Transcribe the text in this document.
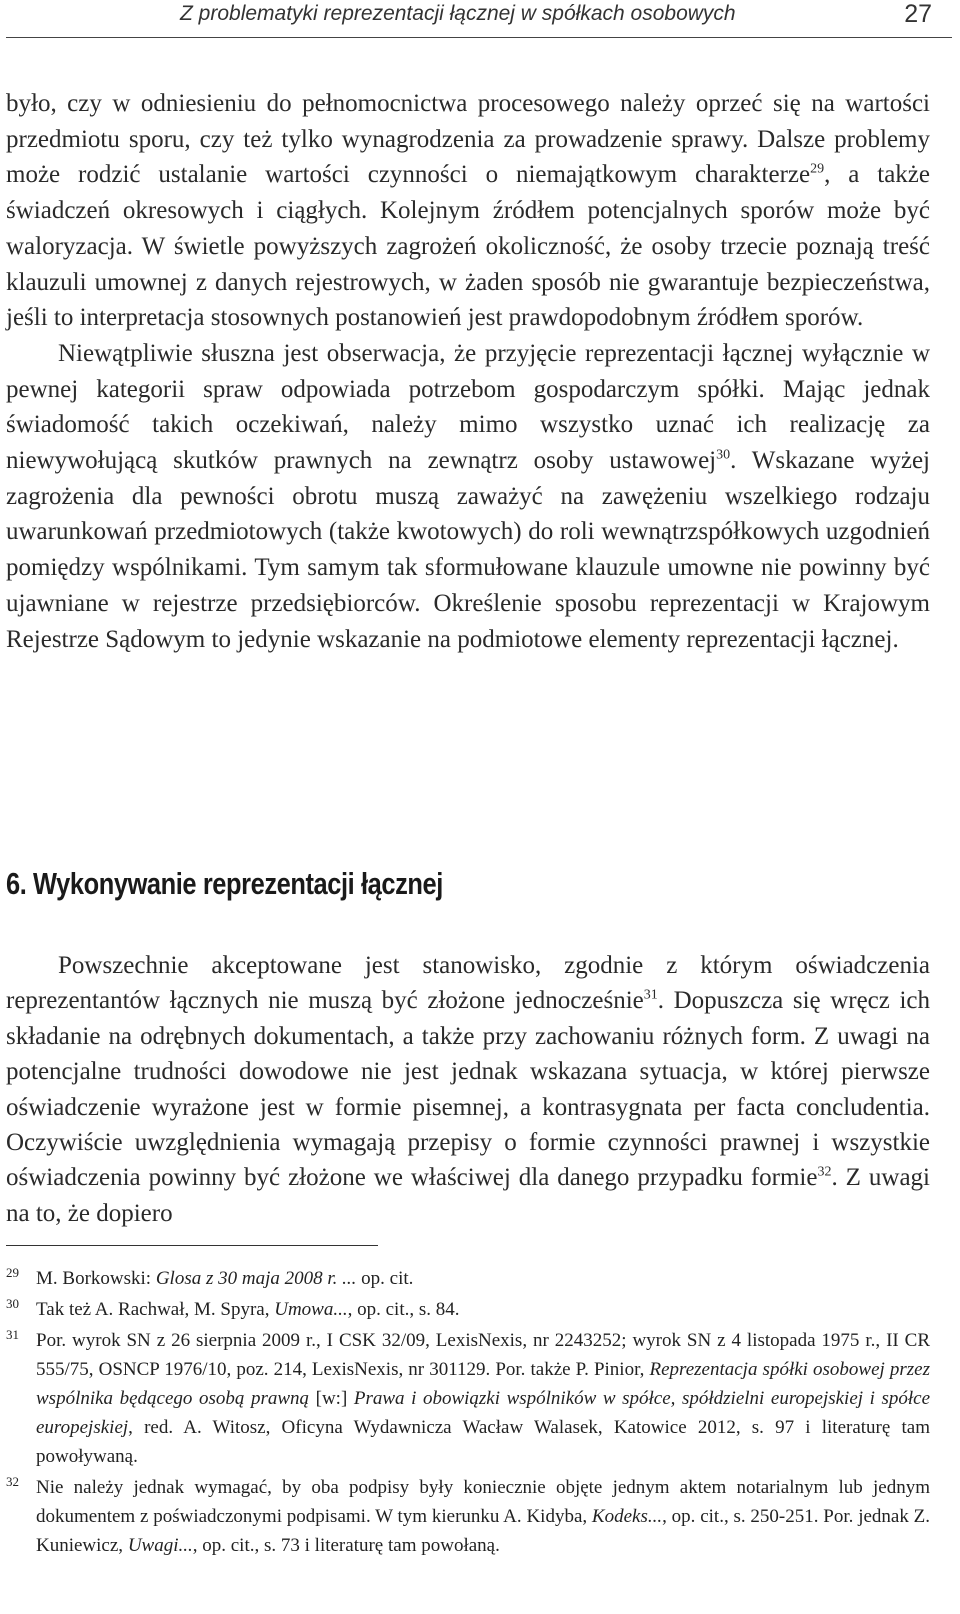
Z problematyki reprezentacji łącznej w spółkach osobowych	27

było, czy w odniesieniu do pełnomocnictwa procesowego należy oprzeć się na wartości przedmiotu sporu, czy też tylko wynagrodzenia za prowadzenie sprawy. Dalsze problemy może rodzić ustalanie wartości czynności o niemajątkowym charakterze$^{29}$, a także świadczeń okresowych i ciągłych. Kolejnym źródłem potencjalnych sporów może być waloryzacja. W świetle powyższych zagrożeń okoliczność, że osoby trzecie poznają treść klauzuli umownej z danych rejestrowych, w żaden sposób nie gwarantuje bezpieczeństwa, jeśli to interpretacja stosownych postanowień jest prawdopodobnym źródłem sporów.

Niewątpliwie słuszna jest obserwacja, że przyjęcie reprezentacji łącznej wyłącznie w pewnej kategorii spraw odpowiada potrzebom gospodarczym spółki. Mając jednak świadomość takich oczekiwań, należy mimo wszystko uznać ich realizację za niewywołującą skutków prawnych na zewnątrz osoby ustawowej$^{30}$. Wskazane wyżej zagrożenia dla pewności obrotu muszą zaważyć na zawężeniu wszelkiego rodzaju uwarunkowań przedmiotowych (także kwotowych) do roli wewnątrzspółkowych uzgodnień pomiędzy wspólnikami. Tym samym tak sformułowane klauzule umowne nie powinny być ujawniane w rejestrze przedsiębiorców. Określenie sposobu reprezentacji w Krajowym Rejestrze Sądowym to jedynie wskazanie na podmiotowe elementy reprezentacji łącznej.

6. Wykonywanie reprezentacji łącznej

Powszechnie akceptowane jest stanowisko, zgodnie z którym oświadczenia reprezentantów łącznych nie muszą być złożone jednocześnie$^{31}$. Dopuszcza się wręcz ich składanie na odrębnych dokumentach, a także przy zachowaniu różnych form. Z uwagi na potencjalne trudności dowodowe nie jest jednak wskazana sytuacja, w której pierwsze oświadczenie wyrażone jest w formie pisemnej, a kontrasygnata per facta concludentia. Oczywiście uwzględnienia wymagają przepisy o formie czynności prawnej i wszystkie oświadczenia powinny być złożone we właściwej dla danego przypadku formie$^{32}$. Z uwagi na to, że dopiero

29 M. Borkowski: Glosa z 30 maja 2008 r. ... op. cit.
30 Tak też A. Rachwał, M. Spyra, Umowa..., op. cit., s. 84.
31 Por. wyrok SN z 26 sierpnia 2009 r., I CSK 32/09, LexisNexis, nr 2243252; wyrok SN z 4 listopada 1975 r., II CR 555/75, OSNCP 1976/10, poz. 214, LexisNexis, nr 301129. Por. także P. Pinior, Reprezentacja spółki osobowej przez wspólnika będącego osobą prawną [w:] Prawa i obowiązki wspólników w spółce, spółdzielni europejskiej i spółce europejskiej, red. A. Witosz, Oficyna Wydawnicza Wacław Walasek, Katowice 2012, s. 97 i literaturę tam powoływaną.
32 Nie należy jednak wymagać, by oba podpisy były koniecznie objęte jednym aktem notarialnym lub jednym dokumentem z poświadczonymi podpisami. W tym kierunku A. Kidyba, Kodeks..., op. cit., s. 250-251. Por. jednak Z. Kuniewicz, Uwagi..., op. cit., s. 73 i literaturę tam powołaną.
